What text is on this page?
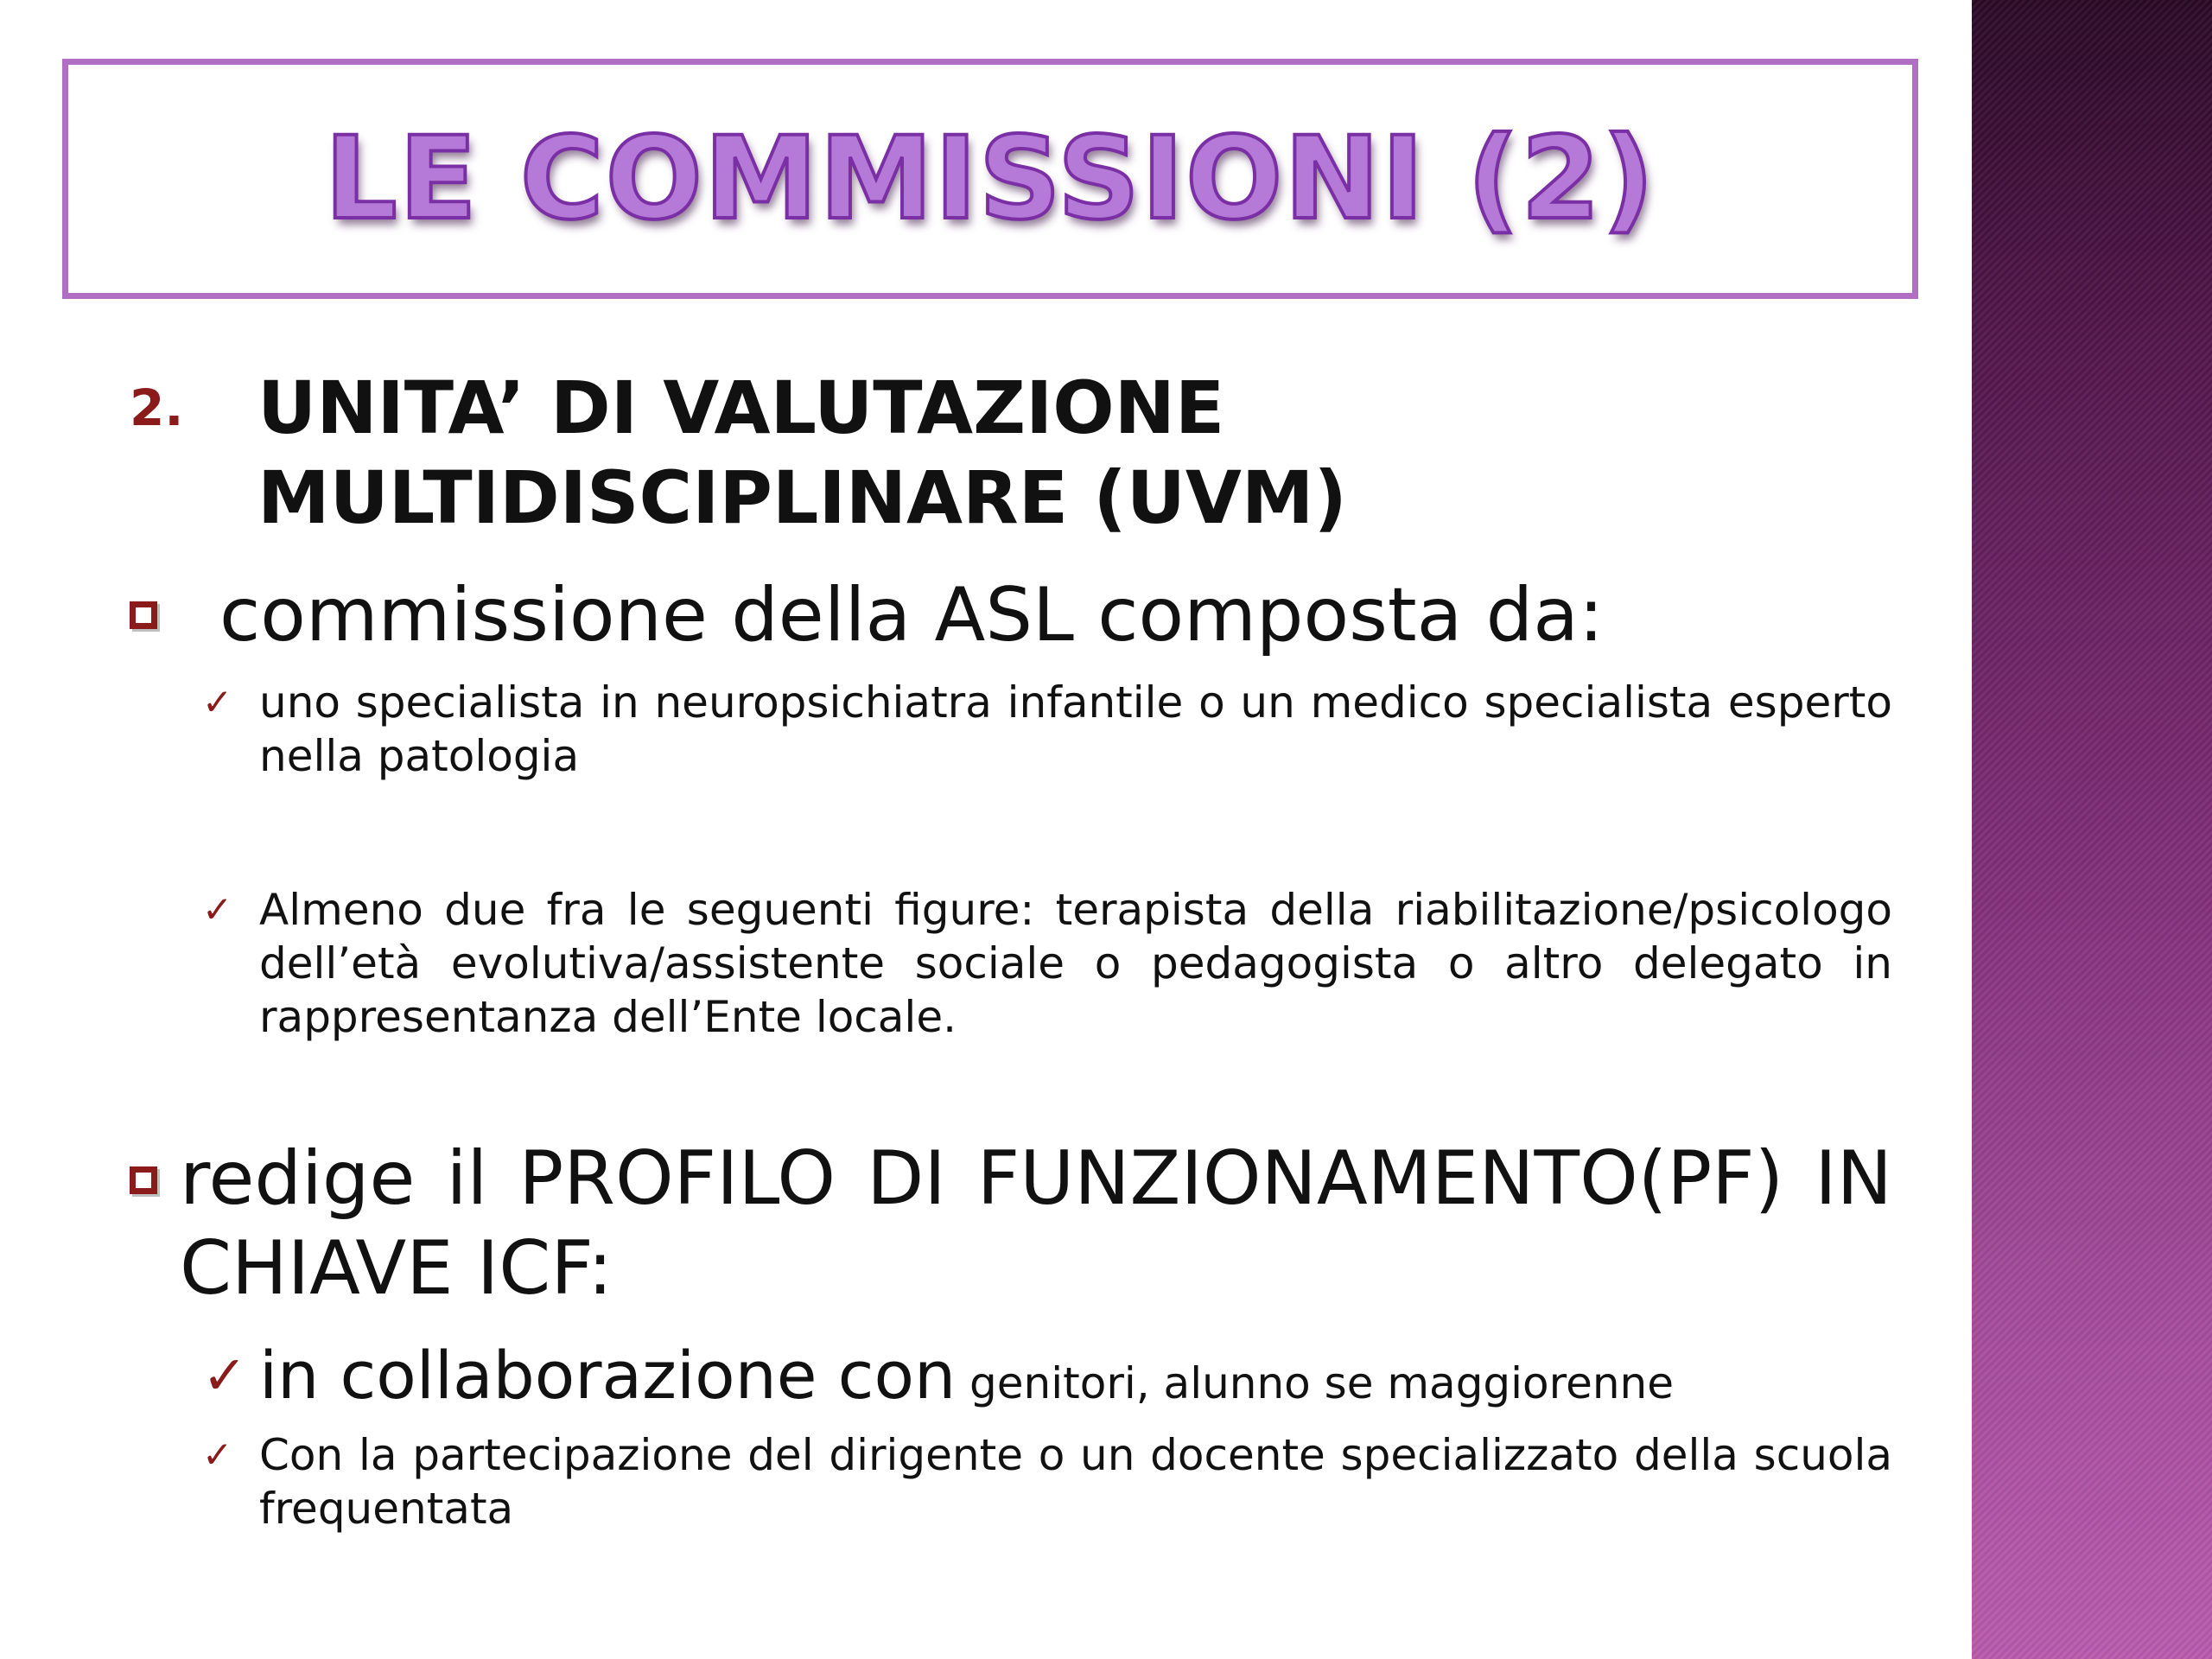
LE COMMISSIONI (2)
2.	UNITA’ DI VALUTAZIONE MULTIDISCIPLINARE (UVM)
commissione della ASL composta da:
✓ uno specialista in neuropsichiatra infantile o un medico specialista esperto nella patologia
✓ Almeno due fra le seguenti figure: terapista della riabilitazione/psicologo dell’età evolutiva/assistente sociale o pedagogista o altro delegato in rappresentanza dell’Ente locale.
redige il PROFILO DI FUNZIONAMENTO(PF) IN CHIAVE ICF:
✓ in collaborazione con genitori, alunno se maggiorenne
✓ Con la partecipazione del dirigente o un docente specializzato della scuola frequentata
